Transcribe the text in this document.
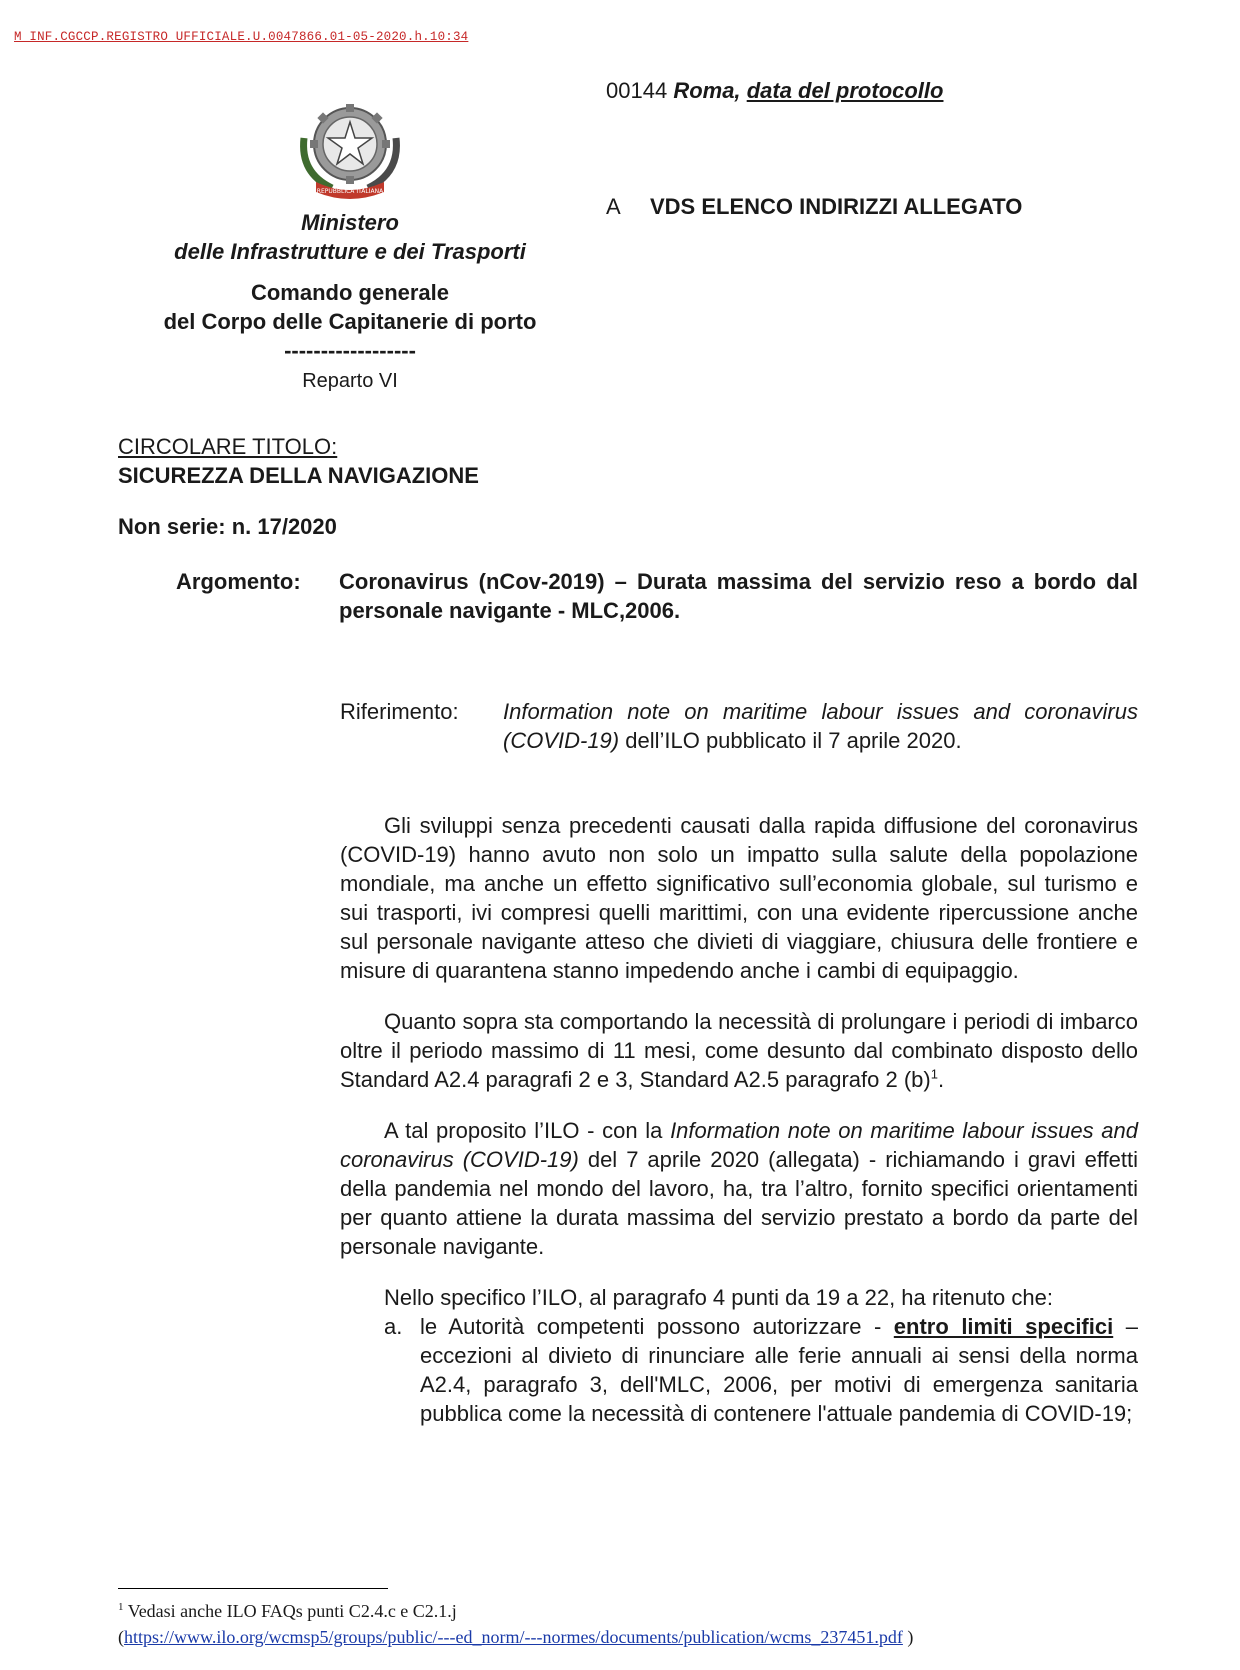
M_INF.CGCCP.REGISTRO UFFICIALE.U.0047866.01-05-2020.h.10:34
REPUBBLICA ITALIANA
00144 Roma, data del protocollo
A VDS ELENCO INDIRIZZI ALLEGATO
Ministero
delle Infrastrutture e dei Trasporti
Comando generale
del Corpo delle Capitanerie di porto
------------------
Reparto VI
CIRCOLARE TITOLO:
SICUREZZA DELLA NAVIGAZIONE
Non serie: n. 17/2020
Argomento: Coronavirus (nCov-2019) – Durata massima del servizio reso a bordo dal personale navigante - MLC,2006.
Riferimento: Information note on maritime labour issues and coronavirus (COVID-19) dell’ILO pubblicato il 7 aprile 2020.

Gli sviluppi senza precedenti causati dalla rapida diffusione del coronavirus (COVID-19) hanno avuto non solo un impatto sulla salute della popolazione mondiale, ma anche un effetto significativo sull’economia globale, sul turismo e sui trasporti, ivi compresi quelli marittimi, con una evidente ripercussione anche sul personale navigante atteso che divieti di viaggiare, chiusura delle frontiere e misure di quarantena stanno impedendo anche i cambi di equipaggio.

Quanto sopra sta comportando la necessità di prolungare i periodi di imbarco oltre il periodo massimo di 11 mesi, come desunto dal combinato disposto dello Standard A2.4 paragrafi 2 e 3, Standard A2.5 paragrafo 2 $(b)^1$.

A tal proposito l’ILO - con la Information note on maritime labour issues and coronavirus (COVID-19) del 7 aprile 2020 (allegata) - richiamando i gravi effetti della pandemia nel mondo del lavoro, ha, tra l’altro, fornito specifici orientamenti per quanto attiene la durata massima del servizio prestato a bordo da parte del personale navigante.

Nello specifico l’ILO, al paragrafo 4 punti da 19 a 22, ha ritenuto che:

a. le Autorità competenti possono autorizzare - entro limiti specifici – eccezioni al divieto di rinunciare alle ferie annuali ai sensi della norma A2.4, paragrafo 3, dell'MLC, 2006, per motivi di emergenza sanitaria pubblica come la necessità di contenere l'attuale pandemia di COVID-19;
$^1$ Vedasi anche ILO FAQs punti C2.4.c e C2.1.j
(https://www.ilo.org/wcmsp5/groups/public/---ed_norm/---normes/documents/publication/wcms_237451.pdf )
